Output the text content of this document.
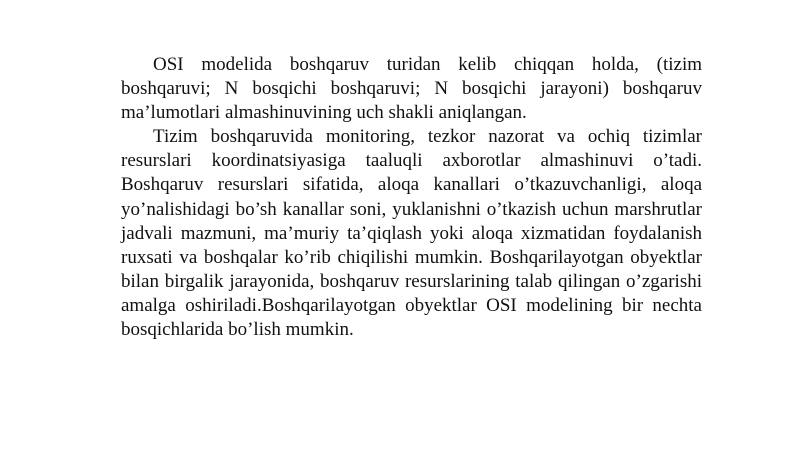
OSI modelida boshqaruv turidan kelib chiqqan holda, (tizim boshqaruvi; N bosqichi boshqaruvi; N bosqichi jarayoni) boshqaruv ma’lumotlari almashinuvining uch shakli aniqlangan.

Tizim boshqaruvida monitoring, tezkor nazorat va ochiq tizimlar resurslari koordinatsiyasiga taaluqli axborotlar almashinuvi o’tadi. Boshqaruv resurslari sifatida, aloqa kanallari o’tkazuvchanligi, aloqa yo’nalishidagi bo’sh kanallar soni, yuklanishni o’tkazish uchun marshrutlar jadvali mazmuni, ma’muriy ta’qiqlash yoki aloqa xizmatidan foydalanish ruxsati va boshqalar ko’rib chiqilishi mumkin. Boshqarilayotgan obyektlar bilan birgalik jarayonida, boshqaruv resurslarining talab qilingan o’zgarishi amalga oshiriladi.Boshqarilayotgan obyektlar OSI modelining bir nechta bosqichlarida bo’lish mumkin.
